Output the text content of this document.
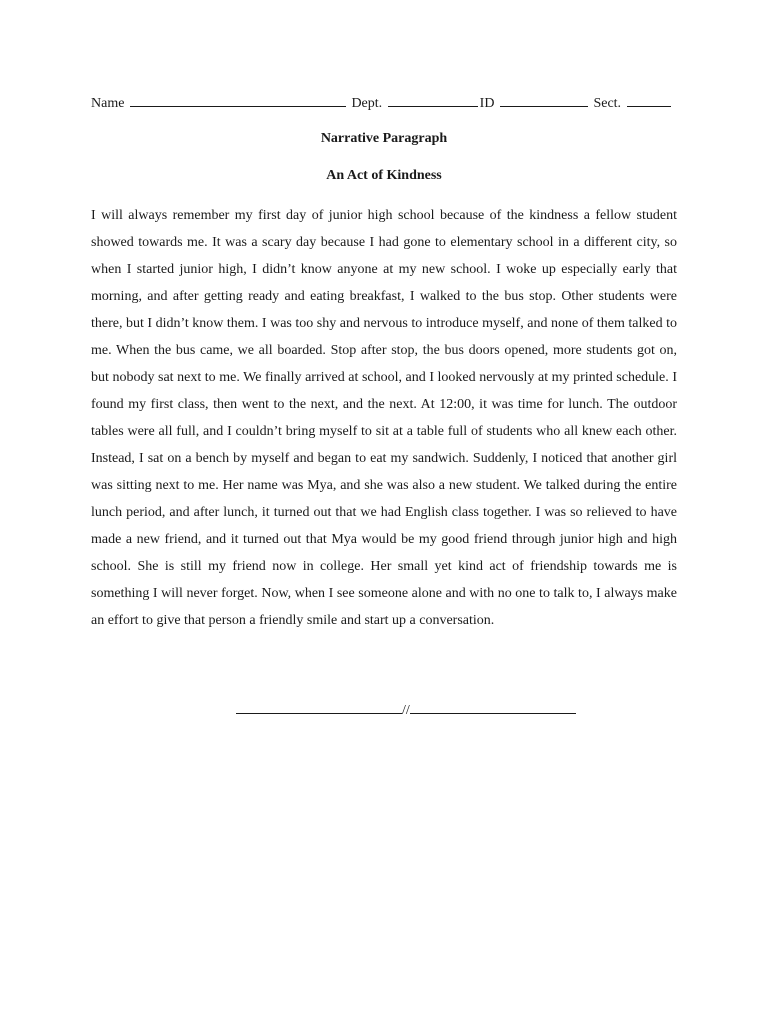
Name	Dept.	ID	Sect.
Narrative Paragraph
An Act of Kindness

I will always remember my first day of junior high school because of the kindness a fellow student showed towards me. It was a scary day because I had gone to elementary school in a different city, so when I started junior high, I didn’t know anyone at my new school. I woke up especially early that morning, and after getting ready and eating breakfast, I walked to the bus stop. Other students were there, but I didn’t know them. I was too shy and nervous to introduce myself, and none of them talked to me. When the bus came, we all boarded. Stop after stop, the bus doors opened, more students got on, but nobody sat next to me. We finally arrived at school, and I looked nervously at my printed schedule. I found my first class, then went to the next, and the next. At 12:00, it was time for lunch. The outdoor tables were all full, and I couldn’t bring myself to sit at a table full of students who all knew each other. Instead, I sat on a bench by myself and began to eat my sandwich. Suddenly, I noticed that another girl was sitting next to me. Her name was Mya, and she was also a new student. We talked during the entire lunch period, and after lunch, it turned out that we had English class together. I was so relieved to have made a new friend, and it turned out that Mya would be my good friend through junior high and high school. She is still my friend now in college. Her small yet kind act of friendship towards me is something I will never forget. Now, when I see someone alone and with no one to talk to, I always make an effort to give that person a friendly smile and start up a conversation.

//
